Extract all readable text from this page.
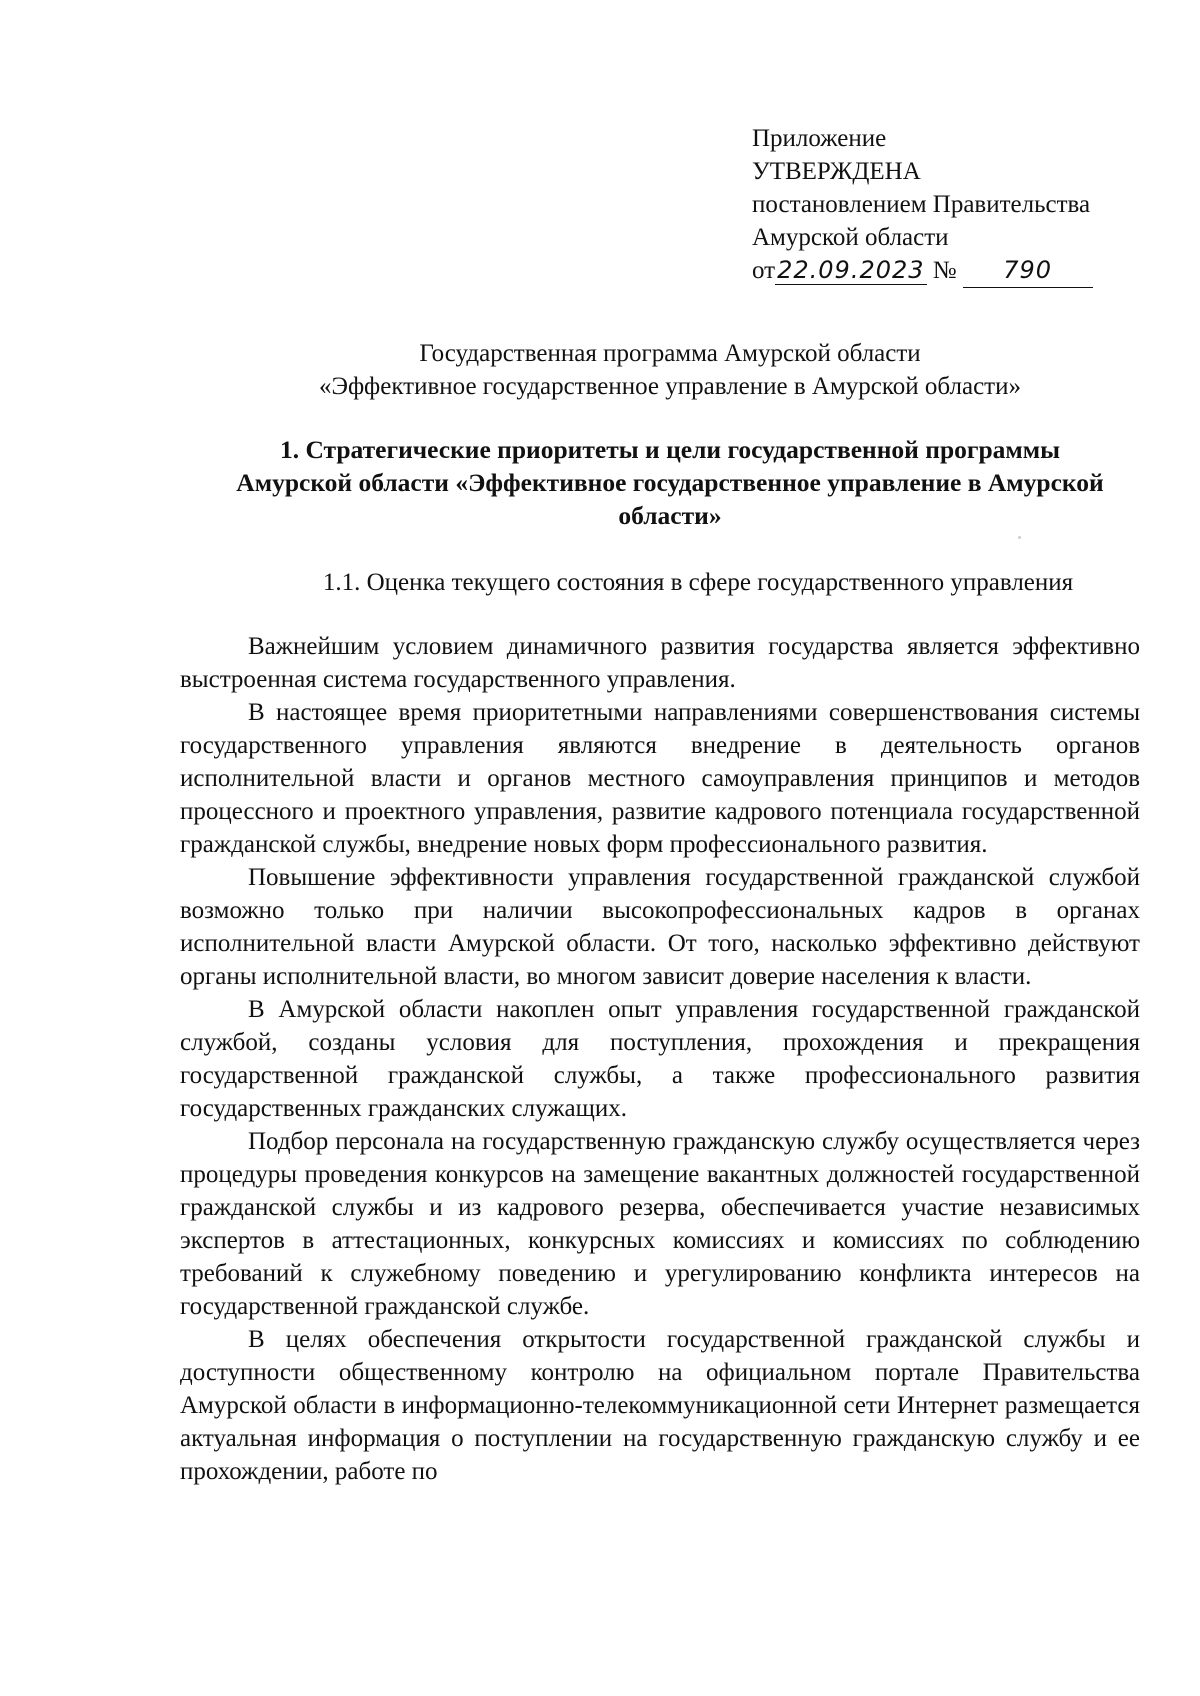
Приложение
УТВЕРЖДЕНА
постановлением Правительства
Амурской области
от22.09.2023 № 790
Государственная программа Амурской области
«Эффективное государственное управление в Амурской области»
1. Стратегические приоритеты и цели государственной программы
Амурской области «Эффективное государственное управление в Амурской
области»
1.1. Оценка текущего состояния в сфере государственного управления

Важнейшим условием динамичного развития государства является эффективно выстроенная система государственного управления.

В настоящее время приоритетными направлениями совершенствования системы государственного управления являются внедрение в деятельность органов исполнительной власти и органов местного самоуправления принципов и методов процессного и проектного управления, развитие кадрового потенциала государственной гражданской службы, внедрение новых форм профессионального развития.

Повышение эффективности управления государственной гражданской службой возможно только при наличии высокопрофессиональных кадров в органах исполнительной власти Амурской области. От того, насколько эффективно действуют органы исполнительной власти, во многом зависит доверие населения к власти.

В Амурской области накоплен опыт управления государственной гражданской службой, созданы условия для поступления, прохождения и прекращения государственной гражданской службы, а также профессионального развития государственных гражданских служащих.

Подбор персонала на государственную гражданскую службу осуществляется через процедуры проведения конкурсов на замещение вакантных должностей государственной гражданской службы и из кадрового резерва, обеспечивается участие независимых экспертов в аттестационных, конкурсных комиссиях и комиссиях по соблюдению требований к служебному поведению и урегулированию конфликта интересов на государственной гражданской службе.

В целях обеспечения открытости государственной гражданской службы и доступности общественному контролю на официальном портале Правительства Амурской области в информационно-телекоммуникационной сети Интернет размещается актуальная информация о поступлении на государственную гражданскую службу и ее прохождении, работе по
